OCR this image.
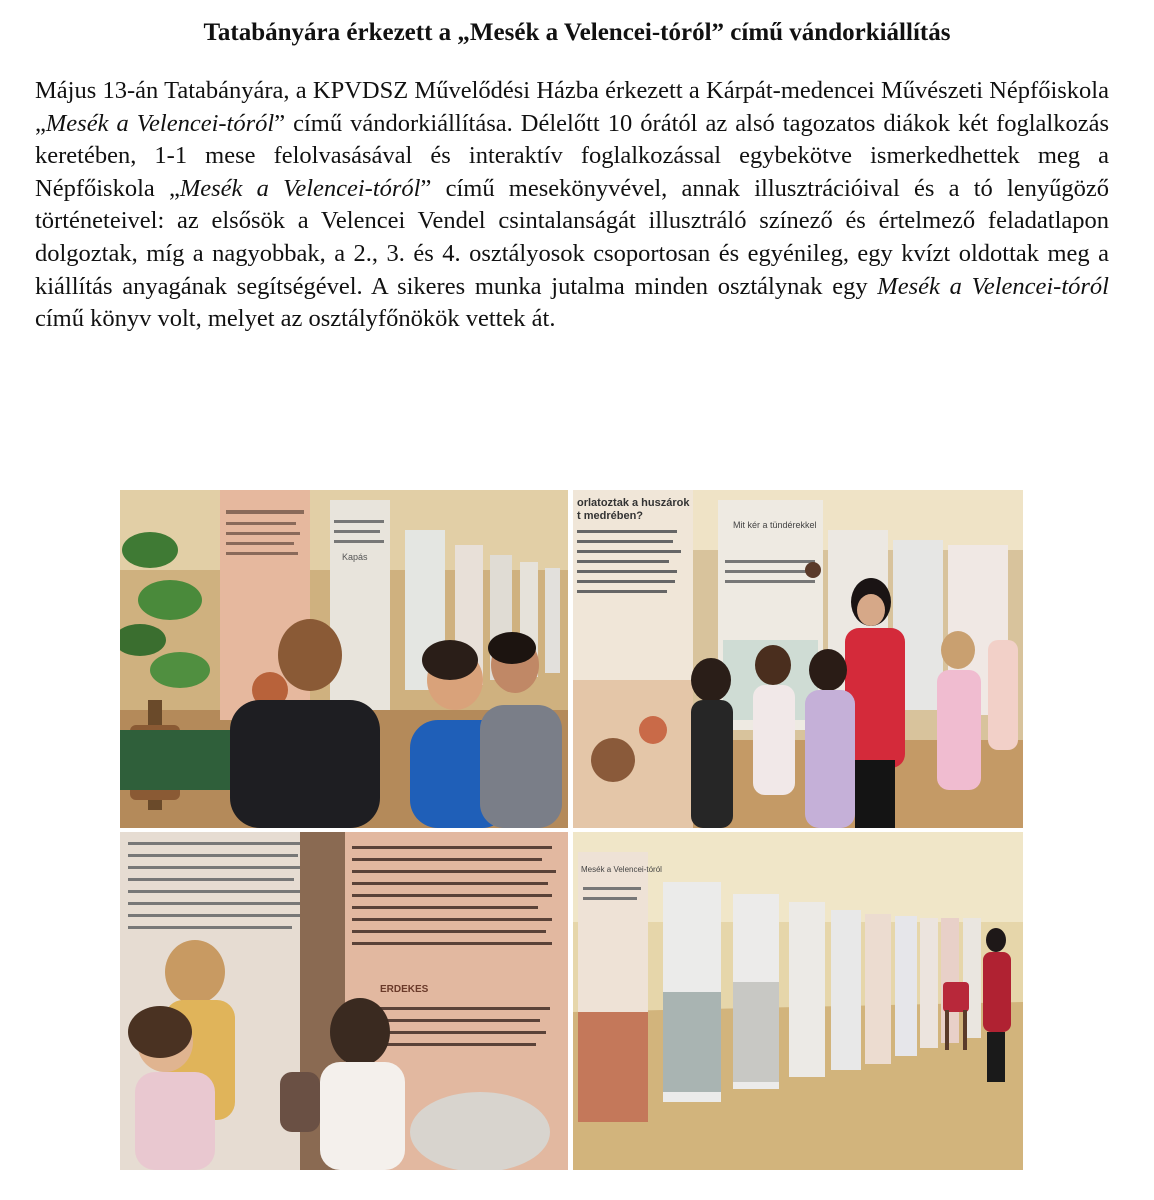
Tatabányára érkezett a „Mesék a Velencei-tóról” című vándorkiállítás
Május 13-án Tatabányára, a KPVDSZ Művelődési Házba érkezett a Kárpát-medencei Művészeti Népfőiskola „Mesék a Velencei-tóról” című vándorkiállítása. Délelőtt 10 órától az alsó tagozatos diákok két foglalkozás keretében, 1-1 mese felolvasásával és interaktív foglalkozással egybekötve ismerkedhettek meg a Népfőiskola „Mesék a Velencei-tóról” című mesekönyvével, annak illusztrációival és a tó lenyűgöző történeteivel: az elsősök a Velencei Vendel csintalanságát illusztráló színező és értelmező feladatlapon dolgoztak, míg a nagyobbak, a 2., 3. és 4. osztályosok csoportosan és egyénileg, egy kvízt oldottak meg a kiállítás anyagának segítségével. A sikeres munka jutalma minden osztálynak egy Mesék a Velencei-tóról című könyv volt, melyet az osztályfőnökök vettek át.
Kapás
orlatoztak a huszárok t medrében?
Mit kér a tündérekkel
ERDEKES
Mesék a Velencei-tóról
